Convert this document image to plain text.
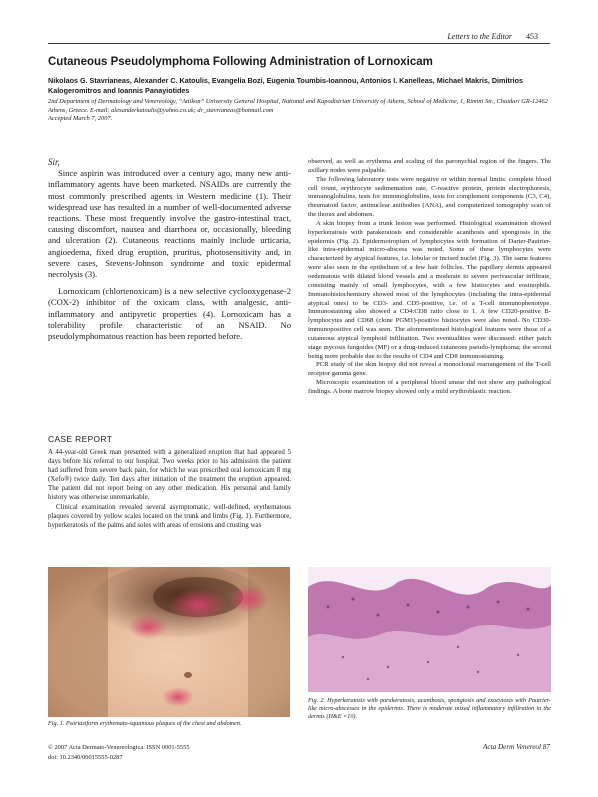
Letters to the Editor 453
Cutaneous Pseudolymphoma Following Administration of Lornoxicam
Nikolaos G. Stavrianeas, Alexander C. Katoulis, Evangelia Bozi, Eugenia Toumbis-Ioannou, Antonios I. Kanelleas, Michael Makris, Dimitrios Kalogeromitros and Ioannis Panayiotides
2nd Department of Dermatology and Venereology, “Attikon” University General Hospital, National and Kapodistrian University of Athens, School of Medicine, 1, Rimini Str., Chaidari GR-12462 Athens, Greece. E-mail: alexanderkatoulis@yahoo.co.uk; dr_stavrianeas@hotmail.com
Accepted March 7, 2007.

Sir,

Since aspirin was introduced over a century ago, many new anti-inflammatory agents have been marketed. NSAIDs are currently the most commonly prescribed agents in Western medicine (1). Their widespread use has resulted in a number of well-documented adverse reactions. These most frequently involve the gastro-intestinal tract, causing discomfort, nausea and diarrhoea or, occasionally, bleeding and ulceration (2). Cutaneous reactions mainly include urticaria, angioedema, fixed drug eruption, pruritus, photosensitivity and, in severe cases, Stevens-Johnson syndrome and toxic epidermal necrolysis (3).

Lornoxicam (chlortenoxicam) is a new selective cyclooxygenase-2 (COX-2) inhibitor of the oxicam class, with analgesic, anti-inflammatory and antipyretic properties (4). Lornoxicam has a tolerability profile characteristic of an NSAID. No pseudolymphomatous reaction has been reported before.

CASE REPORT

A 44-year-old Greek man presented with a generalized eruption that had appeared 5 days before his referral to our hospital. Two weeks prior to his admission the patient had suffered from severe back pain, for which he was prescribed oral lornoxicam 8 mg (Xefo®) twice daily. Ten days after initiation of the treatment the eruption appeared. The patient did not report being on any other medication. His personal and family history was otherwise unremarkable.

Clinical examination revealed several asymptomatic, well-defined, erythematous plaques covered by yellow scales located on the trunk and limbs (Fig. 1). Furthermore, hyperkeratosis of the palms and soles with areas of erosions and crusting was

observed, as well as erythema and scaling of the paronychial region of the fingers. The axillary nodes were palpable.

The following laboratory tests were negative or within normal limits: complete blood cell count, erythrocyte sedimentation rate, C-reactive protein, protein electrophoresis, immunoglobulins, tests for immunoglobulins, tests for complement components (C3, C4), rheumatoid factor, antinuclear antibodies (ANA), and computerized tomography scan of the thorax and abdomen.

A skin biopsy from a trunk lesion was performed. Histological examination showed hyperkeratosis with parakeratosis and considerable acanthosis and spongiosis in the epidermis (Fig. 2). Epidermotropism of lymphocytes with formation of Darier-Pautrier-like intra-epidermal micro-abscess was noted. Some of these lymphocytes were characterized by atypical features, i.e. lobular or incised nuclei (Fig. 3). The same features were also seen in the epithelium of a few hair follicles. The papillary dermis appeared oedematous with dilated blood vessels and a moderate to severe perivascular infiltrate, consisting mainly of small lymphocytes, with a few histiocytes and eosinophils. Immunohistochemistry showed most of the lymphocytes (including the intra-epidermal atypical ones) to be CD3- and CD5-positive, i.e. of a T-cell immunophenotype. Immunostaining also showed a CD4:CD8 ratio close to 1. A few CD20-positive B-lymphocytes and CD68 (clone PGM1)-positive histiocytes were also noted. No CD30-immunopositive cell was seen. The aforementioned histological features were those of a cutaneous atypical lymphoid infiltration. Two eventualities were discussed: either patch stage mycosis fungoides (MF) or a drug-induced cutaneous pseudo-lymphoma; the second being more probable due to the results of CD4 and CD8 immunostaining.

PCR study of the skin biopsy did not reveal a monoclonal rearrangement of the T-cell receptor gamma gene.

Microscopic examination of a peripheral blood smear did not show any pathological findings. A bone marrow biopsy showed only a mild erythroblastic reaction.

Fig. 1. Psoriasiform erythemato-squamous plaques of the chest and abdomen.
Fig. 2. Hyperkeratosis with parakeratosis, acanthosis, spongiosis and exocytosis with Pautrier-like micro-abscesses in the epidermis. There is moderate mixed inflammatory infiltration in the dermis (H&E ×10).
© 2007 Acta Dermato-Venereologica. ISSN 0001-5555
doi: 10.2340/00015555-0287
Acta Derm Venereol 87
